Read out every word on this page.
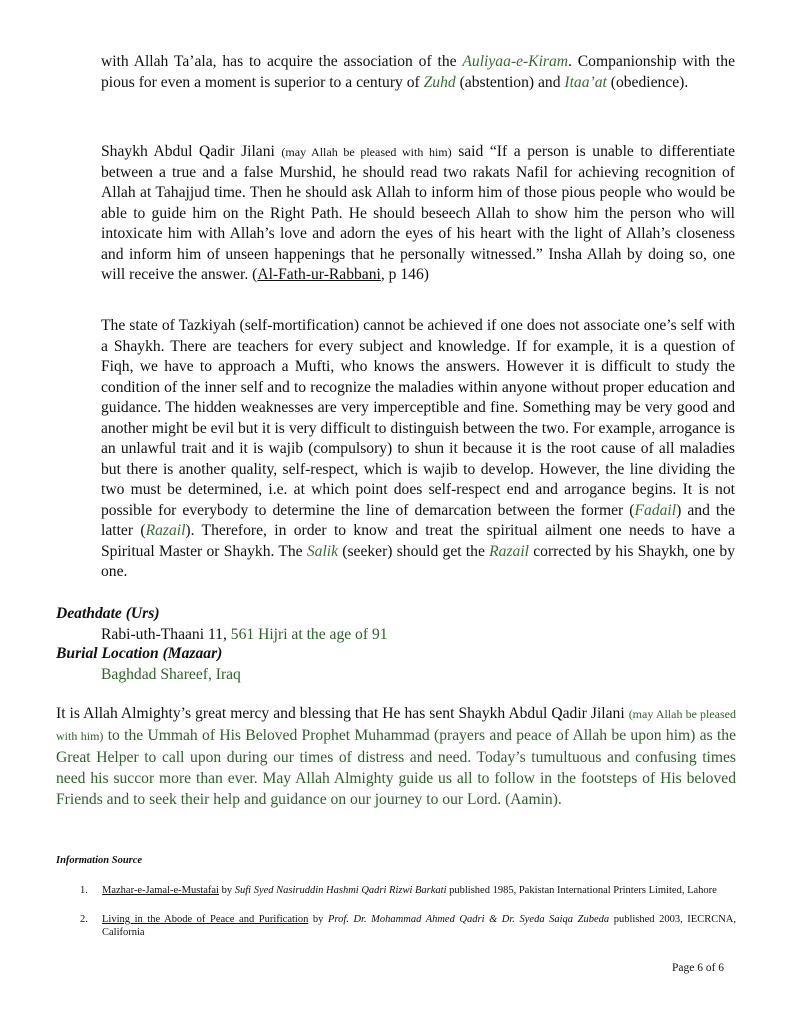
with Allah Ta’ala, has to acquire the association of the Auliyaa-e-Kiram. Companionship with the pious for even a moment is superior to a century of Zuhd (abstention) and Itaa’at (obedience).

Shaykh Abdul Qadir Jilani (may Allah be pleased with him) said “If a person is unable to differentiate between a true and a false Murshid, he should read two rakats Nafil for achieving recognition of Allah at Tahajjud time. Then he should ask Allah to inform him of those pious people who would be able to guide him on the Right Path. He should beseech Allah to show him the person who will intoxicate him with Allah’s love and adorn the eyes of his heart with the light of Allah’s closeness and inform him of unseen happenings that he personally witnessed.” Insha Allah by doing so, one will receive the answer. (Al-Fath-ur-Rabbani, p 146)

The state of Tazkiyah (self-mortification) cannot be achieved if one does not associate one’s self with a Shaykh. There are teachers for every subject and knowledge. If for example, it is a question of Fiqh, we have to approach a Mufti, who knows the answers. However it is difficult to study the condition of the inner self and to recognize the maladies within anyone without proper education and guidance. The hidden weaknesses are very imperceptible and fine. Something may be very good and another might be evil but it is very difficult to distinguish between the two. For example, arrogance is an unlawful trait and it is wajib (compulsory) to shun it because it is the root cause of all maladies but there is another quality, self-respect, which is wajib to develop. However, the line dividing the two must be determined, i.e. at which point does self-respect end and arrogance begins. It is not possible for everybody to determine the line of demarcation between the former (Fadail) and the latter (Razail). Therefore, in order to know and treat the spiritual ailment one needs to have a Spiritual Master or Shaykh. The Salik (seeker) should get the Razail corrected by his Shaykh, one by one.

Deathdate (Urs)
Rabi-uth-Thaani 11, 561 Hijri at the age of 91
Burial Location (Mazaar)
Baghdad Shareef, Iraq

It is Allah Almighty’s great mercy and blessing that He has sent Shaykh Abdul Qadir Jilani (may Allah be pleased with him) to the Ummah of His Beloved Prophet Muhammad (prayers and peace of Allah be upon him) as the Great Helper to call upon during our times of distress and need. Today’s tumultuous and confusing times need his succor more than ever. May Allah Almighty guide us all to follow in the footsteps of His beloved Friends and to seek their help and guidance on our journey to our Lord. (Aamin).

Information Source
1. Mazhar-e-Jamal-e-Mustafai by Sufi Syed Nasiruddin Hashmi Qadri Rizwi Barkati published 1985, Pakistan International Printers Limited, Lahore
2. Living in the Abode of Peace and Purification by Prof. Dr. Mohammad Ahmed Qadri & Dr. Syeda Saiqa Zubeda published 2003, IECRCNA, California
Page 6 of 6
